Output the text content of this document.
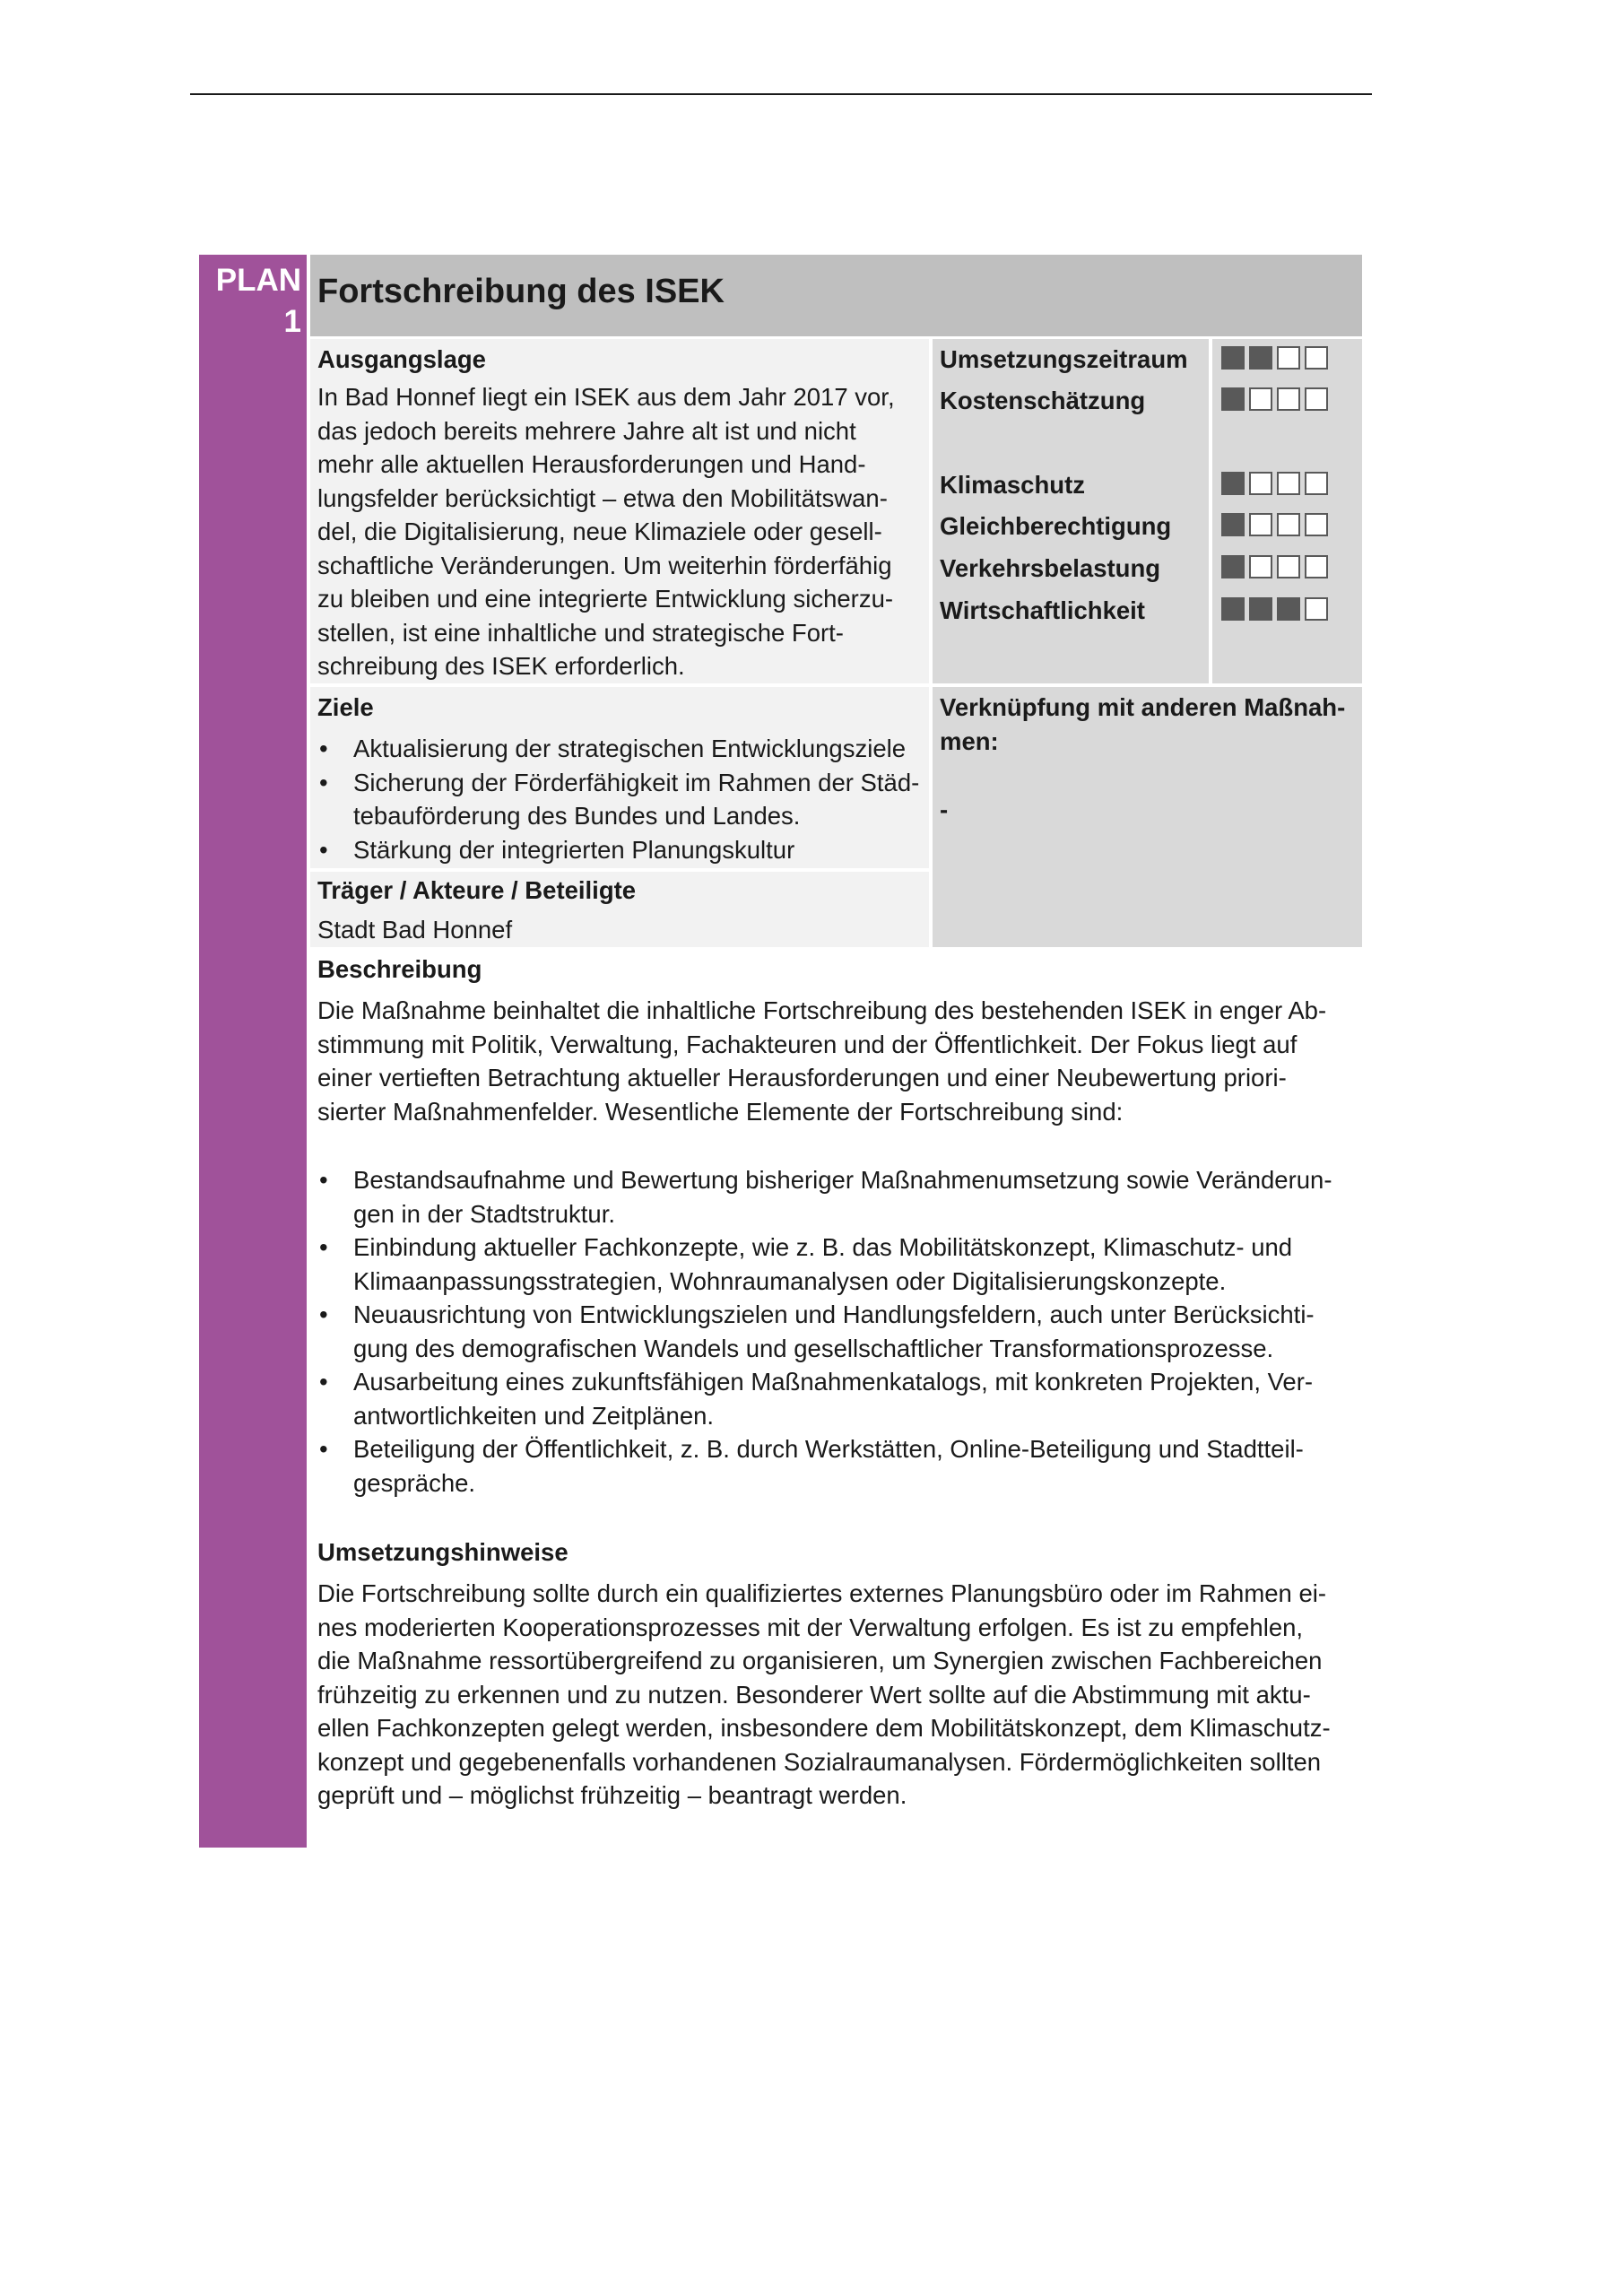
PLAN
1
Fortschreibung des ISEK
Ausgangslage
In Bad Honnef liegt ein ISEK aus dem Jahr 2017 vor,
das jedoch bereits mehrere Jahre alt ist und nicht
mehr alle aktuellen Herausforderungen und Hand-
lungsfelder berücksichtigt – etwa den Mobilitätswan-
del, die Digitalisierung, neue Klimaziele oder gesell-
schaftliche Veränderungen. Um weiterhin förderfähig
zu bleiben und eine integrierte Entwicklung sicherzu-
stellen, ist eine inhaltliche und strategische Fort-
schreibung des ISEK erforderlich.
Umsetzungszeitraum
Kostenschätzung
Klimaschutz
Gleichberechtigung
Verkehrsbelastung
Wirtschaftlichkeit
Ziele
• Aktualisierung der strategischen Entwicklungsziele
• Sicherung der Förderfähigkeit im Rahmen der Städ-
tebauförderung des Bundes und Landes.
• Stärkung der integrierten Planungskultur
Verknüpfung mit anderen Maßnah-
men:
-
Träger / Akteure / Beteiligte
Stadt Bad Honnef
Beschreibung
Die Maßnahme beinhaltet die inhaltliche Fortschreibung des bestehenden ISEK in enger Ab-
stimmung mit Politik, Verwaltung, Fachakteuren und der Öffentlichkeit. Der Fokus liegt auf
einer vertieften Betrachtung aktueller Herausforderungen und einer Neubewertung priori-
sierter Maßnahmenfelder. Wesentliche Elemente der Fortschreibung sind:
• Bestandsaufnahme und Bewertung bisheriger Maßnahmenumsetzung sowie Veränderun-
gen in der Stadtstruktur.
• Einbindung aktueller Fachkonzepte, wie z. B. das Mobilitätskonzept, Klimaschutz- und
Klimaanpassungsstrategien, Wohnraumanalysen oder Digitalisierungskonzepte.
• Neuausrichtung von Entwicklungszielen und Handlungsfeldern, auch unter Berücksichti-
gung des demografischen Wandels und gesellschaftlicher Transformationsprozesse.
• Ausarbeitung eines zukunftsfähigen Maßnahmenkatalogs, mit konkreten Projekten, Ver-
antwortlichkeiten und Zeitplänen.
• Beteiligung der Öffentlichkeit, z. B. durch Werkstätten, Online-Beteiligung und Stadtteil-
gespräche.
Umsetzungshinweise
Die Fortschreibung sollte durch ein qualifiziertes externes Planungsbüro oder im Rahmen ei-
nes moderierten Kooperationsprozesses mit der Verwaltung erfolgen. Es ist zu empfehlen,
die Maßnahme ressortübergreifend zu organisieren, um Synergien zwischen Fachbereichen
frühzeitig zu erkennen und zu nutzen. Besonderer Wert sollte auf die Abstimmung mit aktu-
ellen Fachkonzepten gelegt werden, insbesondere dem Mobilitätskonzept, dem Klimaschutz-
konzept und gegebenenfalls vorhandenen Sozialraumanalysen. Fördermöglichkeiten sollten
geprüft und – möglichst frühzeitig – beantragt werden.
